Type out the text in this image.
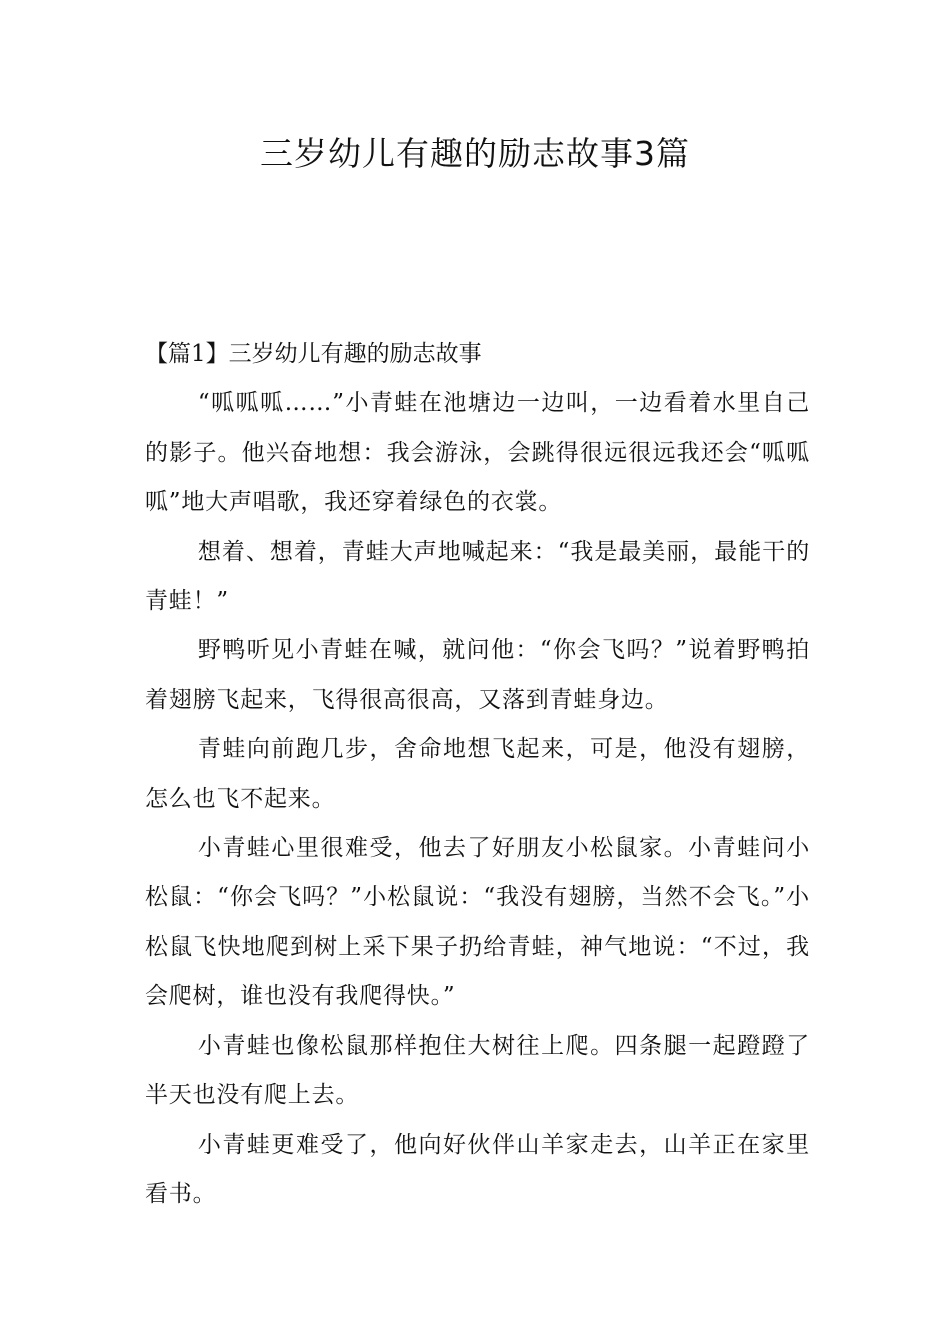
三岁幼儿有趣的励志故事3篇

【篇1】三岁幼儿有趣的励志故事

“呱呱呱……”小青蛙在池塘边一边叫，一边看着水里自己的影子。他兴奋地想：我会游泳，会跳得很远很远我还会“呱呱呱”地大声唱歌，我还穿着绿色的衣裳。

想着、想着，青蛙大声地喊起来：“我是最美丽，最能干的青蛙！”

野鸭听见小青蛙在喊，就问他：“你会飞吗？”说着野鸭拍着翅膀飞起来，飞得很高很高，又落到青蛙身边。

青蛙向前跑几步，舍命地想飞起来，可是，他没有翅膀，怎么也飞不起来。

小青蛙心里很难受，他去了好朋友小松鼠家。小青蛙问小松鼠：“你会飞吗？”小松鼠说：“我没有翅膀，当然不会飞。”小松鼠飞快地爬到树上采下果子扔给青蛙，神气地说：“不过，我会爬树，谁也没有我爬得快。”

小青蛙也像松鼠那样抱住大树往上爬。四条腿一起蹬蹬了半天也没有爬上去。

小青蛙更难受了，他向好伙伴山羊家走去，山羊正在家里看书。
